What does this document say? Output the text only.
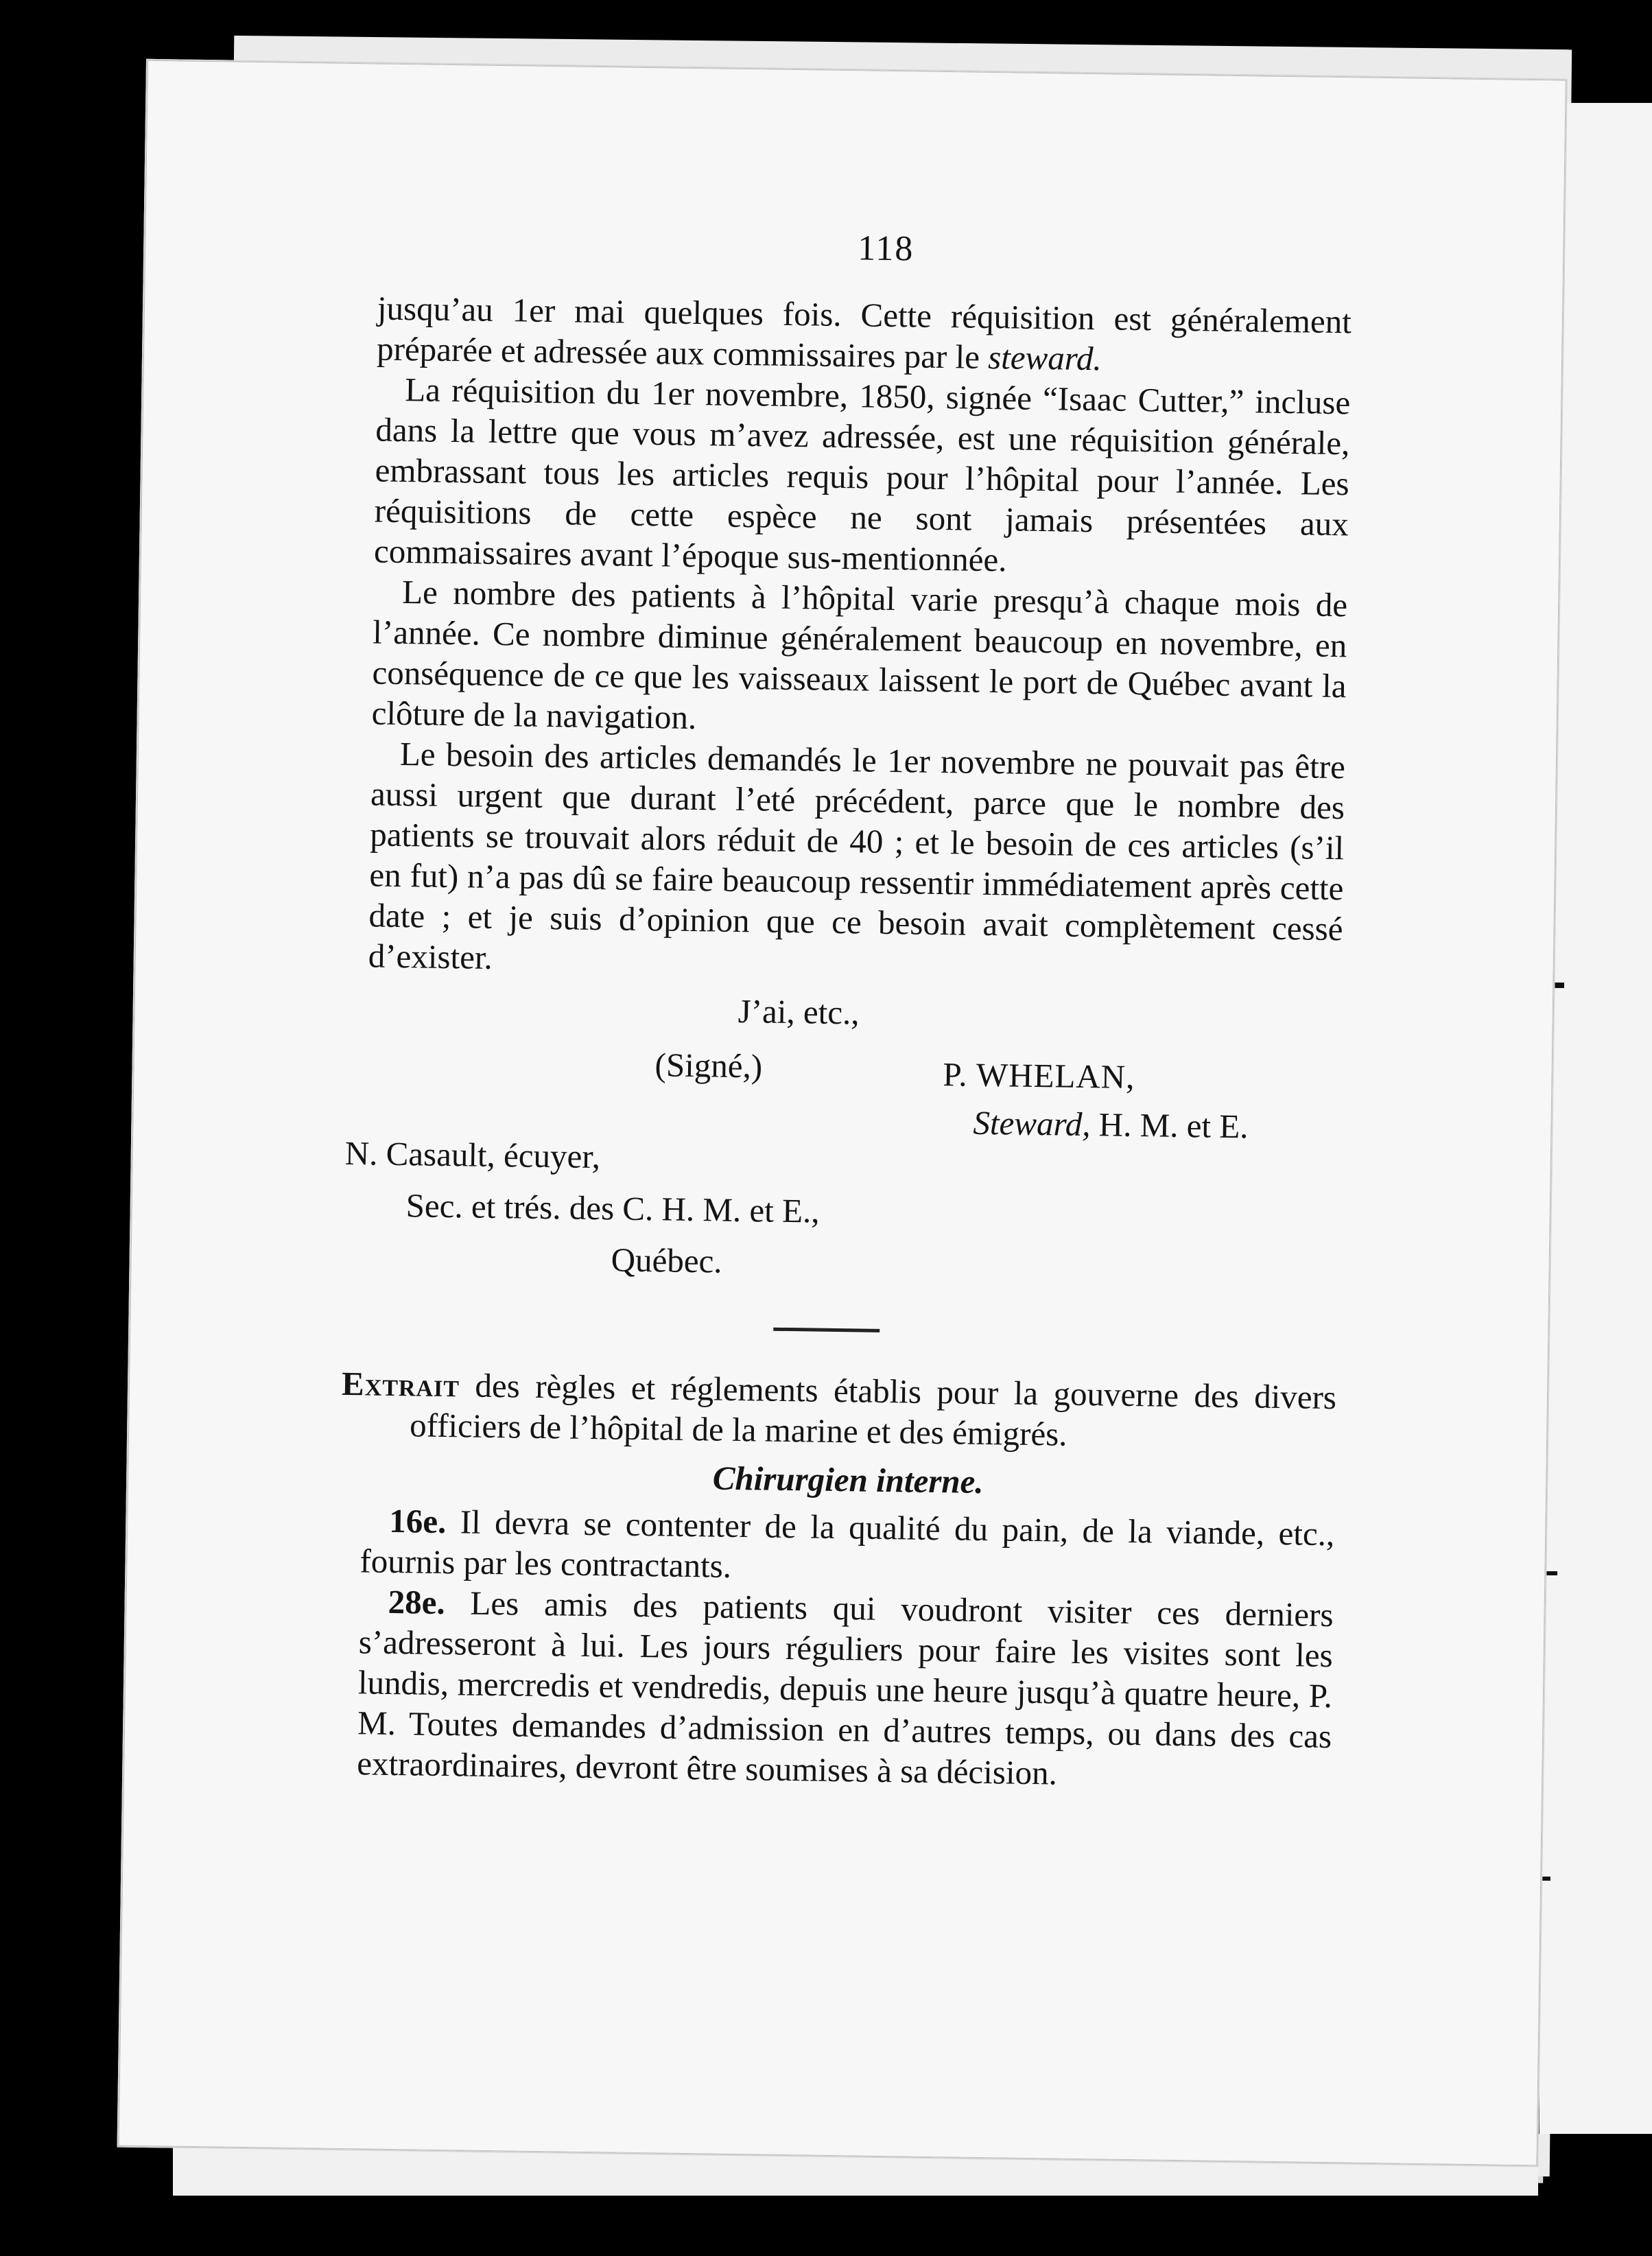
118

jusqu’au 1er mai quelques fois. Cette réquisition est généralement préparée et adressée aux commissaires par le steward.

La réquisition du 1er novembre, 1850, signée “Isaac Cutter,” incluse dans la lettre que vous m’avez adressée, est une réquisition générale, embrassant tous les articles requis pour l’hôpital pour l’année. Les réquisitions de cette espèce ne sont jamais présentées aux commaissaires avant l’époque sus-mentionnée.

Le nombre des patients à l’hôpital varie presqu’à chaque mois de l’année. Ce nombre diminue généralement beaucoup en novembre, en conséquence de ce que les vaisseaux laissent le port de Québec avant la clôture de la navigation.

Le besoin des articles demandés le 1er novembre ne pouvait pas être aussi urgent que durant l’eté précédent, parce que le nombre des patients se trouvait alors réduit de 40 ; et le besoin de ces articles (s’il en fut) n’a pas dû se faire beaucoup ressentir immédiatement après cette date ; et je suis d’opinion que ce besoin avait complètement cessé d’exister.

J’ai, etc.,
(Signé,)	P. WHELAN,
Steward, H. M. et E.
N. Casault, écuyer,
Sec. et trés. des C. H. M. et E.,
Québec.

Extrait des règles et réglements établis pour la gouverne des divers officiers de l’hôpital de la marine et des émigrés.

Chirurgien interne.

16e. Il devra se contenter de la qualité du pain, de la viande, etc., fournis par les contractants.

28e. Les amis des patients qui voudront visiter ces derniers s’adresseront à lui. Les jours réguliers pour faire les visites sont les lundis, mercredis et vendredis, depuis une heure jusqu’à quatre heure, P. M. Toutes demandes d’admission en d’autres temps, ou dans des cas extraordinaires, devront être soumises à sa décision.
